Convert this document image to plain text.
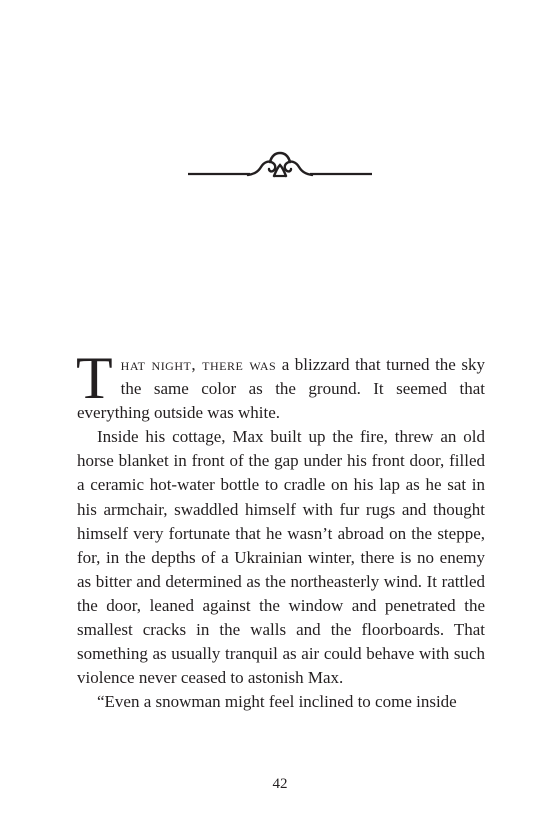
That night, there was a blizzard that turned the sky the same color as the ground. It seemed that everything outside was white.

Inside his cottage, Max built up the fire, threw an old horse blanket in front of the gap under his front door, filled a ceramic hot-water bottle to cradle on his lap as he sat in his armchair, swaddled himself with fur rugs and thought himself very fortunate that he wasn’t abroad on the steppe, for, in the depths of a Ukrainian winter, there is no enemy as bitter and determined as the northeasterly wind. It rattled the door, leaned against the window and penetrated the smallest cracks in the walls and the floorboards. That something as usually tranquil as air could behave with such violence never ceased to astonish Max.

“Even a snowman might feel inclined to come inside

42
